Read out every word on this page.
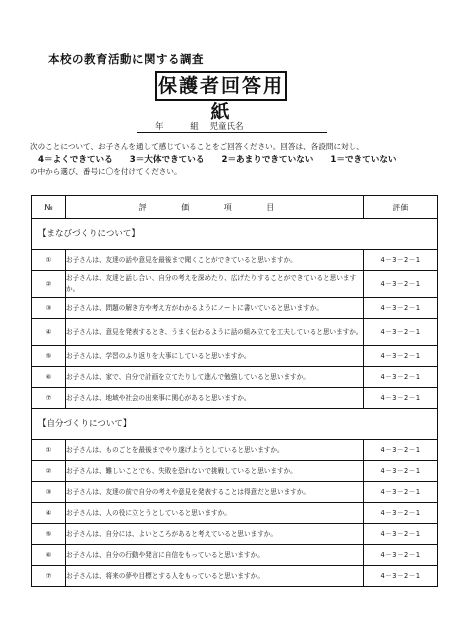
本校の教育活動に関する調査
保護者回答用紙
年	組 児童氏名
次のことについて、お子さんを通して感じていることをご回答ください。回答は、各設問に対し、
4＝よくできている 3＝大体できている 2＝あまりできていない 1＝できていない
の中から選び、番号に〇を付けてください。
№	評 価 項 目	評価
【まなびづくりについて】		
①	お子さんは、友達の話や意見を最後まで聞くことができていると思いますか。	4－3－2－1
②	お子さんは、友達と話し合い、自分の考えを深めたり、広げたりすることができていると思いますか。	4－3－2－1
③	お子さんは、問題の解き方や考え方がわかるようにノートに書いていると思いますか。	4－3－2－1
④	お子さんは、意見を発表するとき、うまく伝わるように話の組み立てを工夫していると思いますか。	4－3－2－1
⑤	お子さんは、学習のふり返りを大事にしていると思いますか。	4－3－2－1
⑥	お子さんは、家で、自分で計画を立てたりして進んで勉強していると思いますか。	4－3－2－1
⑦	お子さんは、地域や社会の出来事に関心があると思いますか。	4－3－2－1
【自分づくりについて】		
①	お子さんは、ものごとを最後までやり遂げようとしていると思いますか。	4－3－2－1
②	お子さんは、難しいことでも、失敗を恐れないで挑戦していると思いますか。	4－3－2－1
③	お子さんは、友達の前で自分の考えや意見を発表することは得意だと思いますか。	4－3－2－1
④	お子さんは、人の役に立とうとしていると思いますか。	4－3－2－1
⑤	お子さんは、自分には、よいところがあると考えていると思いますか。	4－3－2－1
⑥	お子さんは、自分の行動や発言に自信をもっていると思いますか。	4－3－2－1
⑦	お子さんは、将来の夢や目標とする人をもっていると思いますか。	4－3－2－1
